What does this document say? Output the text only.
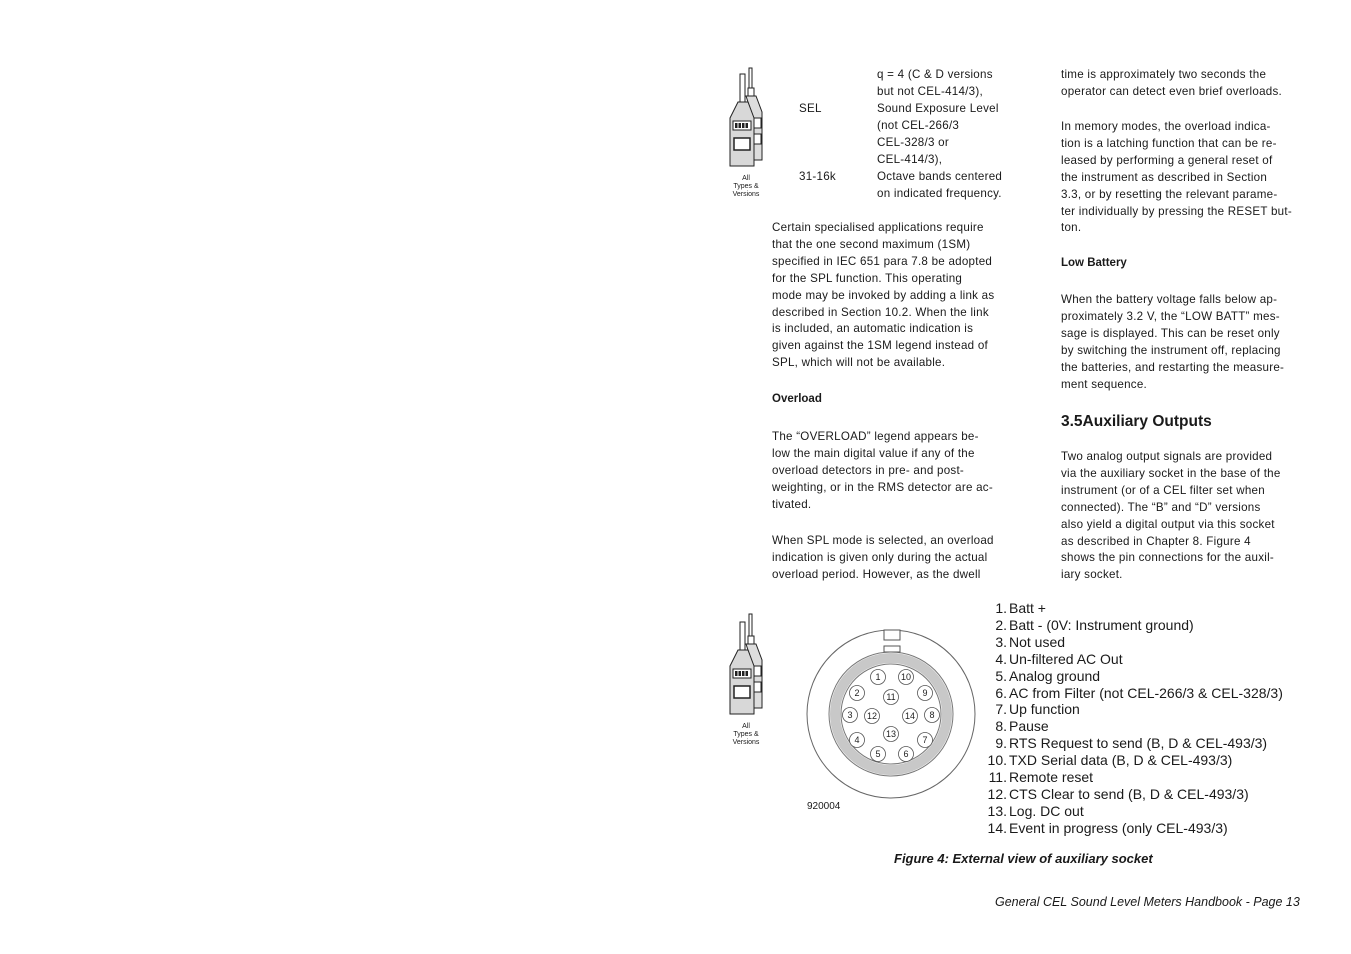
All
Types &
Versions
q = 4 (C & D versions
but not CEL-414/3),
SEL	Sound Exposure Level
(not CEL-266/3
CEL-328/3 or
CEL-414/3),
31-16k	Octave bands centered
on indicated frequency.
Certain specialised applications require
that the one second maximum (1SM)
specified in IEC 651 para 7.8 be adopted
for the SPL function. This operating
mode may be invoked by adding a link as
described in Section 10.2. When the link
is included, an automatic indication is
given against the 1SM legend instead of
SPL, which will not be available.
Overload
The “OVERLOAD” legend appears be-
low the main digital value if any of the
overload detectors in pre- and post-
weighting, or in the RMS detector are ac-
tivated.
When SPL mode is selected, an overload
indication is given only during the actual
overload period. However, as the dwell
time is approximately two seconds the
operator can detect even brief overloads.
In memory modes, the overload indica-
tion is a latching function that can be re-
leased by performing a general reset of
the instrument as described in Section
3.3, or by resetting the relevant parame-
ter individually by pressing the RESET but-
ton.
Low Battery
When the battery voltage falls below ap-
proximately 3.2 V, the “LOW BATT” mes-
sage is displayed. This can be reset only
by switching the instrument off, replacing
the batteries, and restarting the measure-
ment sequence.
3.5Auxiliary Outputs
Two analog output signals are provided
via the auxiliary socket in the base of the
instrument (or of a CEL filter set when
connected). The “B” and “D” versions
also yield a digital output via this socket
as described in Chapter 8. Figure 4
shows the pin connections for the auxil-
iary socket.
All
Types &
Versions
1 10
2	9
11
3 12	14 8
13
4	7
5	6
920004
1. Batt +
2. Batt - (0V: Instrument ground)
3. Not used
4. Un-filtered AC Out
5. Analog ground
6. AC from Filter (not CEL-266/3 & CEL-328/3)
7. Up function
8. Pause
9. RTS Request to send (B, D & CEL-493/3)
10. TXD Serial data (B, D & CEL-493/3)
11. Remote reset
12. CTS Clear to send (B, D & CEL-493/3)
13. Log. DC out
14. Event in progress (only CEL-493/3)
Figure 4: External view of auxiliary socket
General CEL Sound Level Meters Handbook - Page 13
